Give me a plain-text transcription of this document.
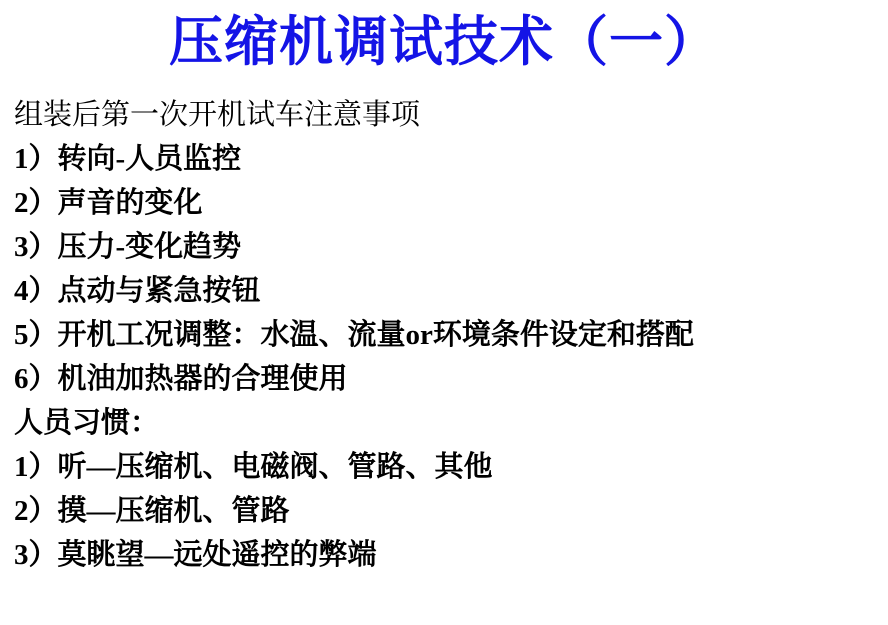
压缩机调试技术（一）
组装后第一次开机试车注意事项
1）转向-人员监控
2）声音的变化
3）压力-变化趋势
4）点动与紧急按钮
5）开机工况调整：水温、流量or环境条件设定和搭配
6）机油加热器的合理使用
人员习惯：
1）听—压缩机、电磁阀、管路、其他
2）摸—压缩机、管路
3）莫眺望—远处遥控的弊端
